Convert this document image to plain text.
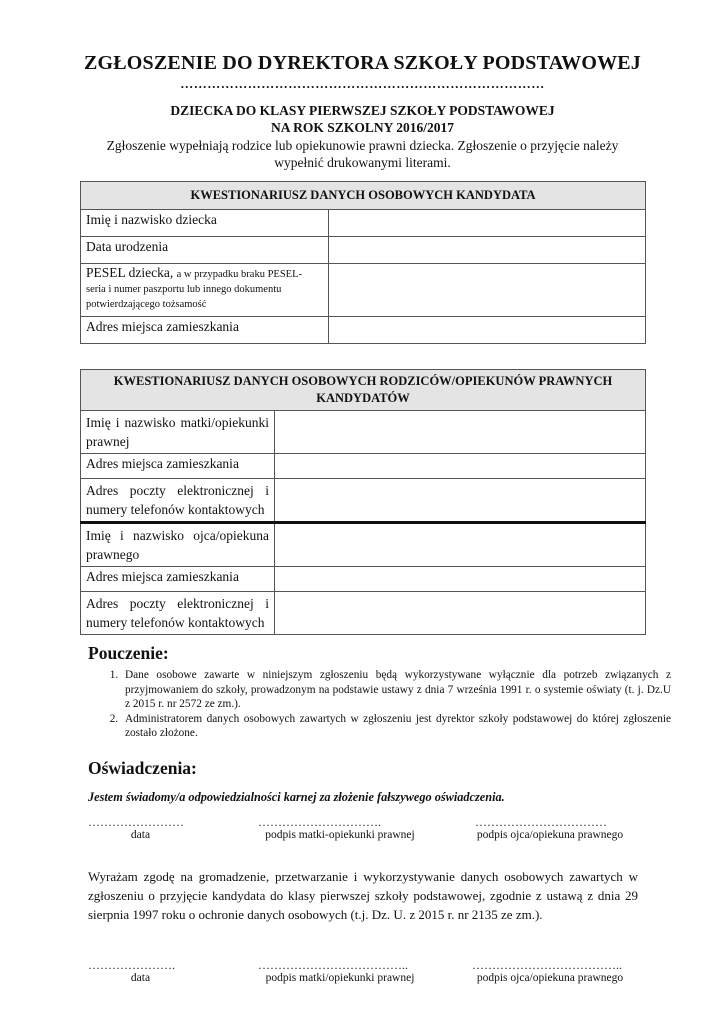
ZGŁOSZENIE DO DYREKTORA SZKOŁY PODSTAWOWEJ
………………………………………………………………………
DZIECKA DO KLASY PIERWSZEJ SZKOŁY PODSTAWOWEJ
NA ROK SZKOLNY 2016/2017
Zgłoszenie wypełniają rodzice lub opiekunowie prawni dziecka. Zgłoszenie o przyjęcie należy wypełnić drukowanymi literami.
KWESTIONARIUSZ DANYCH OSOBOWYCH KANDYDATA	
Imię i nazwisko dziecka	
Data urodzenia	
PESEL dziecka, a w przypadku braku PESEL- seria i numer paszportu lub innego dokumentu potwierdzającego tożsamość	
Adres miejsca zamieszkania	
KWESTIONARIUSZ DANYCH OSOBOWYCH RODZICÓW/OPIEKUNÓW PRAWNYCH KANDYDATÓW	
Imię i nazwisko matki/opiekunki prawnej	
Adres miejsca zamieszkania	
Adres poczty elektronicznej i numery telefonów kontaktowych	
Imię i nazwisko ojca/opiekuna prawnego	
Adres miejsca zamieszkania	
Adres poczty elektronicznej i numery telefonów kontaktowych	
Pouczenie:
1. Dane osobowe zawarte w niniejszym zgłoszeniu będą wykorzystywane wyłącznie dla potrzeb związanych z przyjmowaniem do szkoły, prowadzonym na podstawie ustawy z dnia 7 września 1991 r. o systemie oświaty (t. j. Dz.U z 2015 r. nr 2572 ze zm.).
2. Administratorem danych osobowych zawartych w zgłoszeniu jest dyrektor szkoły podstawowej do której zgłoszenie zostało złożone.
Oświadczenia:
Jestem świadomy/a odpowiedzialności karnej za złożenie fałszywego oświadczenia.
……………………	………………………….	……………………………
data	podpis matki-opiekunki prawnej	podpis ojca/opiekuna prawnego
Wyrażam zgodę na gromadzenie, przetwarzanie i wykorzystywanie danych osobowych zawartych w zgłoszeniu o przyjęcie kandydata do klasy pierwszej szkoły podstawowej, zgodnie z ustawą z dnia 29 sierpnia 1997 roku o ochronie danych osobowych (t.j. Dz. U. z 2015 r. nr 2135 ze zm.).
………………….	………………………………..	………………………………..
data	podpis matki/opiekunki prawnej	podpis ojca/opiekuna prawnego
